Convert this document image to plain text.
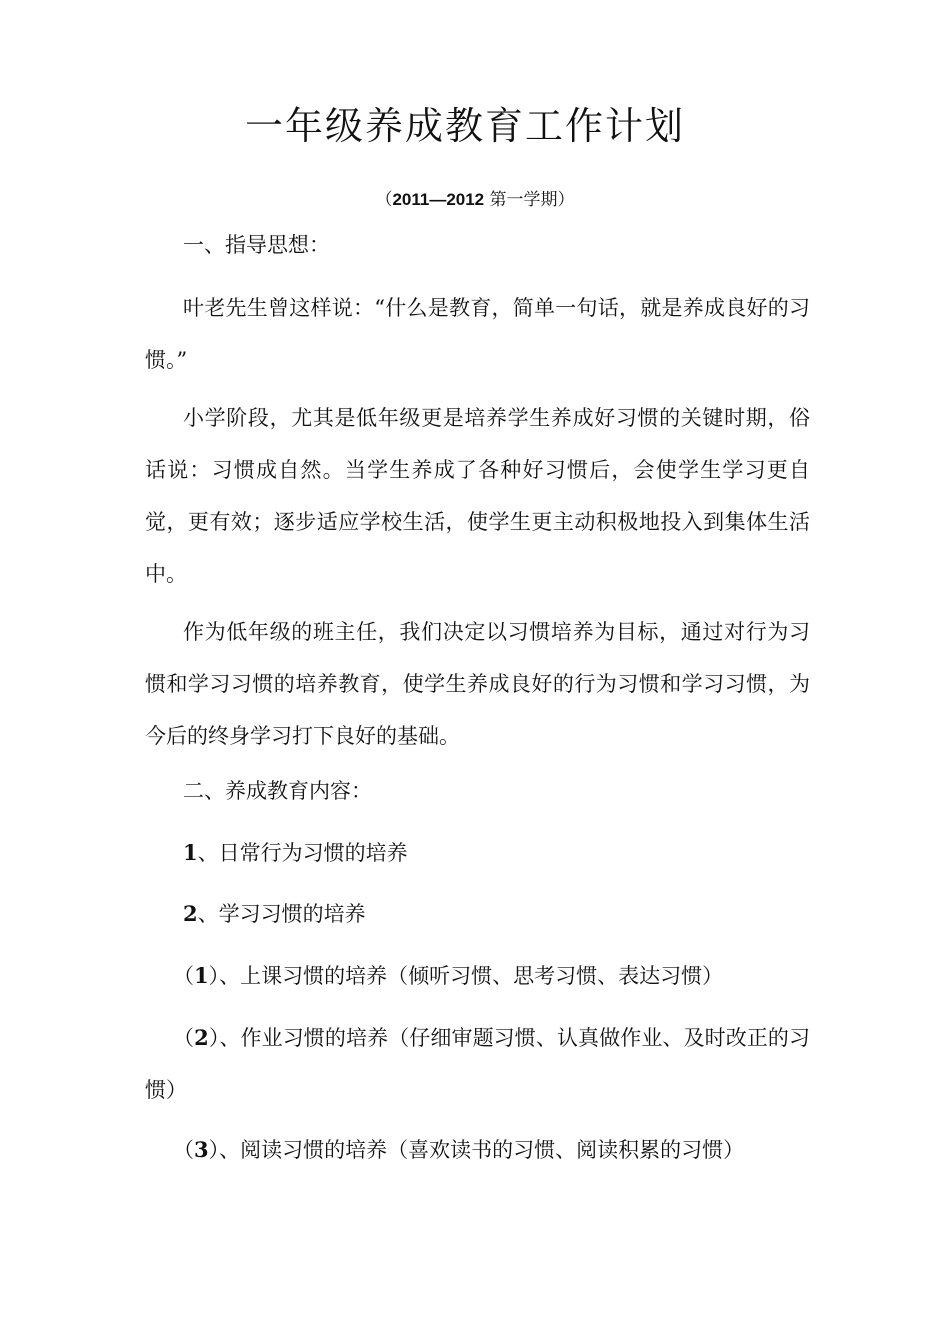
一年级养成教育工作计划
（2011—2012 第一学期）
一、指导思想：
叶老先生曾这样说：“什么是教育，简单一句话，就是养成良好的习惯。”
小学阶段，尤其是低年级更是培养学生养成好习惯的关键时期，俗话说：习惯成自然。当学生养成了各种好习惯后，会使学生学习更自觉，更有效；逐步适应学校生活，使学生更主动积极地投入到集体生活中。
作为低年级的班主任，我们决定以习惯培养为目标，通过对行为习惯和学习习惯的培养教育，使学生养成良好的行为习惯和学习习惯，为今后的终身学习打下良好的基础。
二、养成教育内容：
1、日常行为习惯的培养
2、学习习惯的培养
（1）、上课习惯的培养（倾听习惯、思考习惯、表达习惯）
（2）、作业习惯的培养（仔细审题习惯、认真做作业、及时改正的习惯）
（3）、阅读习惯的培养（喜欢读书的习惯、阅读积累的习惯）
